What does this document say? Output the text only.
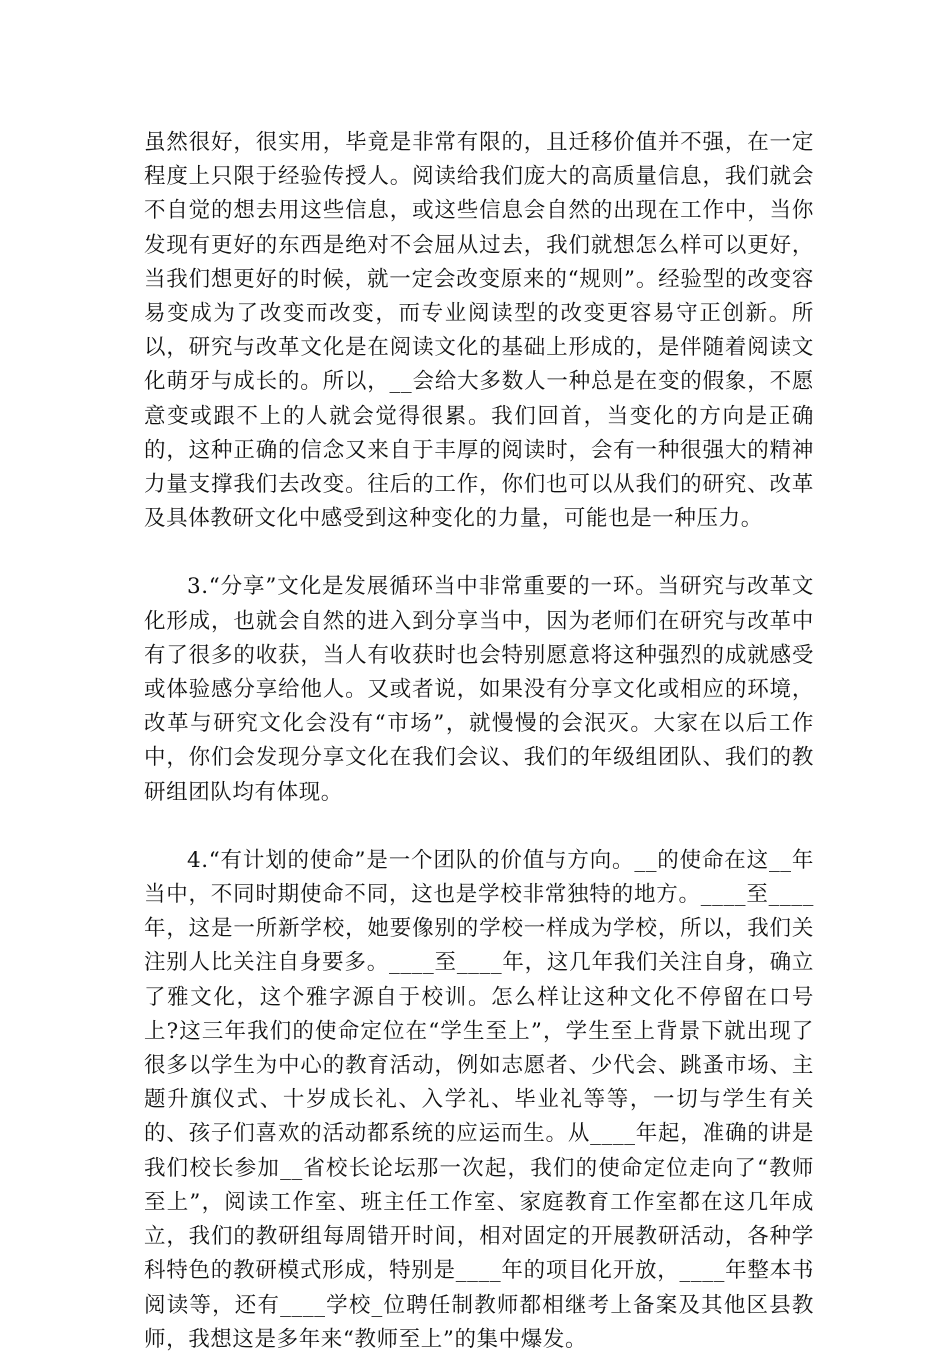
虽然很好，很实用，毕竟是非常有限的，且迁移价值并不强，在一定程度上只限于经验传授人。阅读给我们庞大的高质量信息，我们就会不自觉的想去用这些信息，或这些信息会自然的出现在工作中，当你发现有更好的东西是绝对不会屈从过去，我们就想怎么样可以更好，当我们想更好的时候，就一定会改变原来的“规则”。经验型的改变容易变成为了改变而改变，而专业阅读型的改变更容易守正创新。所以，研究与改革文化是在阅读文化的基础上形成的，是伴随着阅读文化萌牙与成长的。所以，__会给大多数人一种总是在变的假象，不愿意变或跟不上的人就会觉得很累。我们回首，当变化的方向是正确的，这种正确的信念又来自于丰厚的阅读时，会有一种很强大的精神力量支撑我们去改变。往后的工作，你们也可以从我们的研究、改革及具体教研文化中感受到这种变化的力量，可能也是一种压力。

3.“分享”文化是发展循环当中非常重要的一环。当研究与改革文化形成，也就会自然的进入到分享当中，因为老师们在研究与改革中有了很多的收获，当人有收获时也会特别愿意将这种强烈的成就感受或体验感分享给他人。又或者说，如果没有分享文化或相应的环境，改革与研究文化会没有“市场”，就慢慢的会泯灭。大家在以后工作中，你们会发现分享文化在我们会议、我们的年级组团队、我们的教研组团队均有体现。

4.“有计划的使命”是一个团队的价值与方向。__的使命在这__年当中，不同时期使命不同，这也是学校非常独特的地方。____至____年，这是一所新学校，她要像别的学校一样成为学校，所以，我们关注别人比关注自身要多。____至____年，这几年我们关注自身，确立了雅文化，这个雅字源自于校训。怎么样让这种文化不停留在口号上?这三年我们的使命定位在“学生至上”，学生至上背景下就出现了很多以学生为中心的教育活动，例如志愿者、少代会、跳蚤市场、主题升旗仪式、十岁成长礼、入学礼、毕业礼等等，一切与学生有关的、孩子们喜欢的活动都系统的应运而生。从____年起，准确的讲是我们校长参加__省校长论坛那一次起，我们的使命定位走向了“教师至上”，阅读工作室、班主任工作室、家庭教育工作室都在这几年成立，我们的教研组每周错开时间，相对固定的开展教研活动，各种学科特色的教研模式形成，特别是____年的项目化开放，____年整本书阅读等，还有____学校_位聘任制教师都相继考上备案及其他区县教师，我想这是多年来“教师至上”的集中爆发。
